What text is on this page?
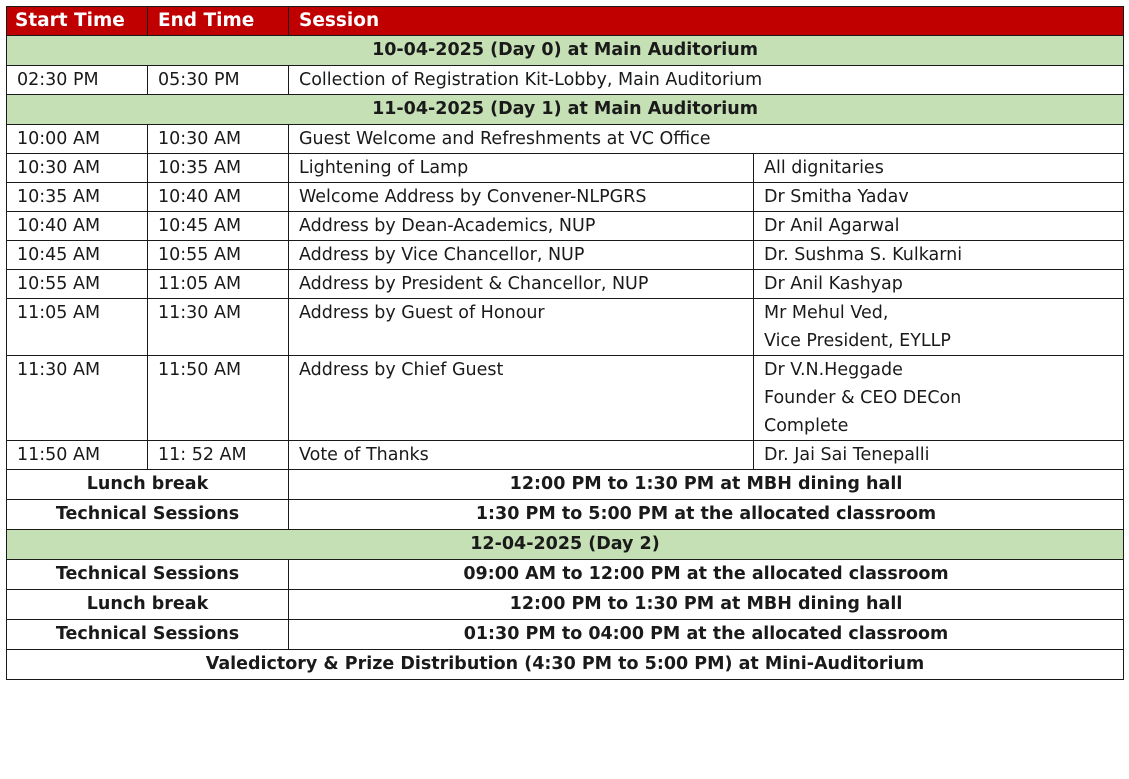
Start Time	End Time	Session	
10-04-2025 (Day 0) at Main Auditorium			
02:30 PM	05:30 PM	Collection of Registration Kit-Lobby, Main Auditorium	
11-04-2025 (Day 1) at Main Auditorium			
10:00 AM	10:30 AM	Guest Welcome and Refreshments at VC Office	
10:30 AM	10:35 AM	Lightening of Lamp	All dignitaries
10:35 AM	10:40 AM	Welcome Address by Convener-NLPGRS	Dr Smitha Yadav
10:40 AM	10:45 AM	Address by Dean-Academics, NUP	Dr Anil Agarwal
10:45 AM	10:55 AM	Address by Vice Chancellor, NUP	Dr. Sushma S. Kulkarni
10:55 AM	11:05 AM	Address by President & Chancellor, NUP	Dr Anil Kashyap
11:05 AM	11:30 AM	Address by Guest of Honour	Mr Mehul Ved,
Vice President, EYLLP

11:30 AM	11:50 AM	Address by Chief Guest	Dr V.N.Heggade
Founder & CEO DECon
Complete

11:50 AM	11: 52 AM	Vote of Thanks	Dr. Jai Sai Tenepalli
Lunch break		12:00 PM to 1:30 PM at MBH dining hall	
Technical Sessions		1:30 PM to 5:00 PM at the allocated classroom	
12-04-2025 (Day 2)			
Technical Sessions		09:00 AM to 12:00 PM at the allocated classroom	
Lunch break		12:00 PM to 1:30 PM at MBH dining hall	
Technical Sessions		01:30 PM to 04:00 PM at the allocated classroom	
Valedictory & Prize Distribution (4:30 PM to 5:00 PM) at Mini-Auditorium			
